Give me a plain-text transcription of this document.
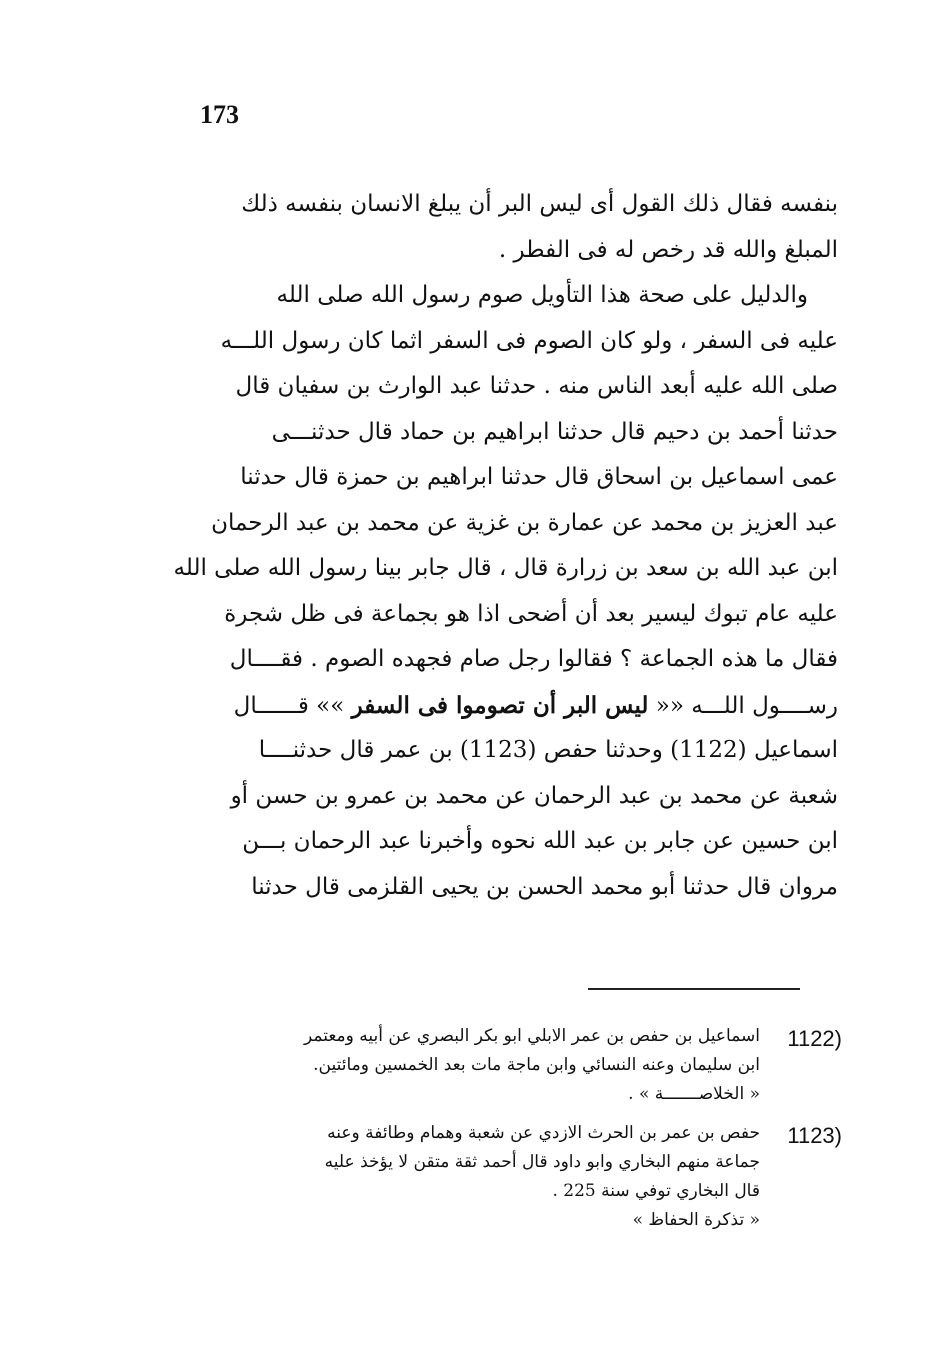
173
بنفسه فقال ذلك القول أى ليس البر أن يبلغ الانسان بنفسه ذلك
المبلغ والله قد رخص له فى الفطر .
والدليل على صحة هذا التأويل صوم رسول الله صلى الله
عليه فى السفر ، ولو كان الصوم فى السفر اثما كان رسول اللـــه
صلى الله عليه أبعد الناس منه . حدثنا عبد الوارث بن سفيان قال
حدثنا أحمد بن دحيم قال حدثنا ابراهيم بن حماد قال حدثنـــى
عمى اسماعيل بن اسحاق قال حدثنا ابراهيم بن حمزة قال حدثنا
عبد العزيز بن محمد عن عمارة بن غزية عن محمد بن عبد الرحمان
ابن عبد الله بن سعد بن زرارة قال ، قال جابر بينا رسول الله صلى الله
عليه عام تبوك ليسير بعد أن أضحى اذا هو بجماعة فى ظل شجرة
فقال ما هذه الجماعة ؟ فقالوا رجل صام فجهده الصوم . فقــــال
رســــول اللـــه «« ليس البر أن تصوموا فى السفر »» قــــــال
اسماعيل (1122) وحدثنا حفص (1123) بن عمر قال حدثنــــا
شعبة عن محمد بن عبد الرحمان عن محمد بن عمرو بن حسن أو
ابن حسين عن جابر بن عبد الله نحوه وأخبرنا عبد الرحمان بـــن
مروان قال حدثنا أبو محمد الحسن بن يحيى القلزمى قال حدثنا
1122)
اسماعيل بن حفص بن عمر الابلي ابو بكر البصري عن أبيه ومعتمر
ابن سليمان وعنه النسائي وابن ماجة مات بعد الخمسين ومائتين.
« الخلاصـــــــة » .
1123)
حفص بن عمر بن الحرث الازدي عن شعبة وهمام وطائفة وعنه
جماعة منهم البخاري وابو داود قال أحمد ثقة متقن لا يؤخذ عليه
قال البخاري توفي سنة 225 .
« تذكرة الحفاظ »
